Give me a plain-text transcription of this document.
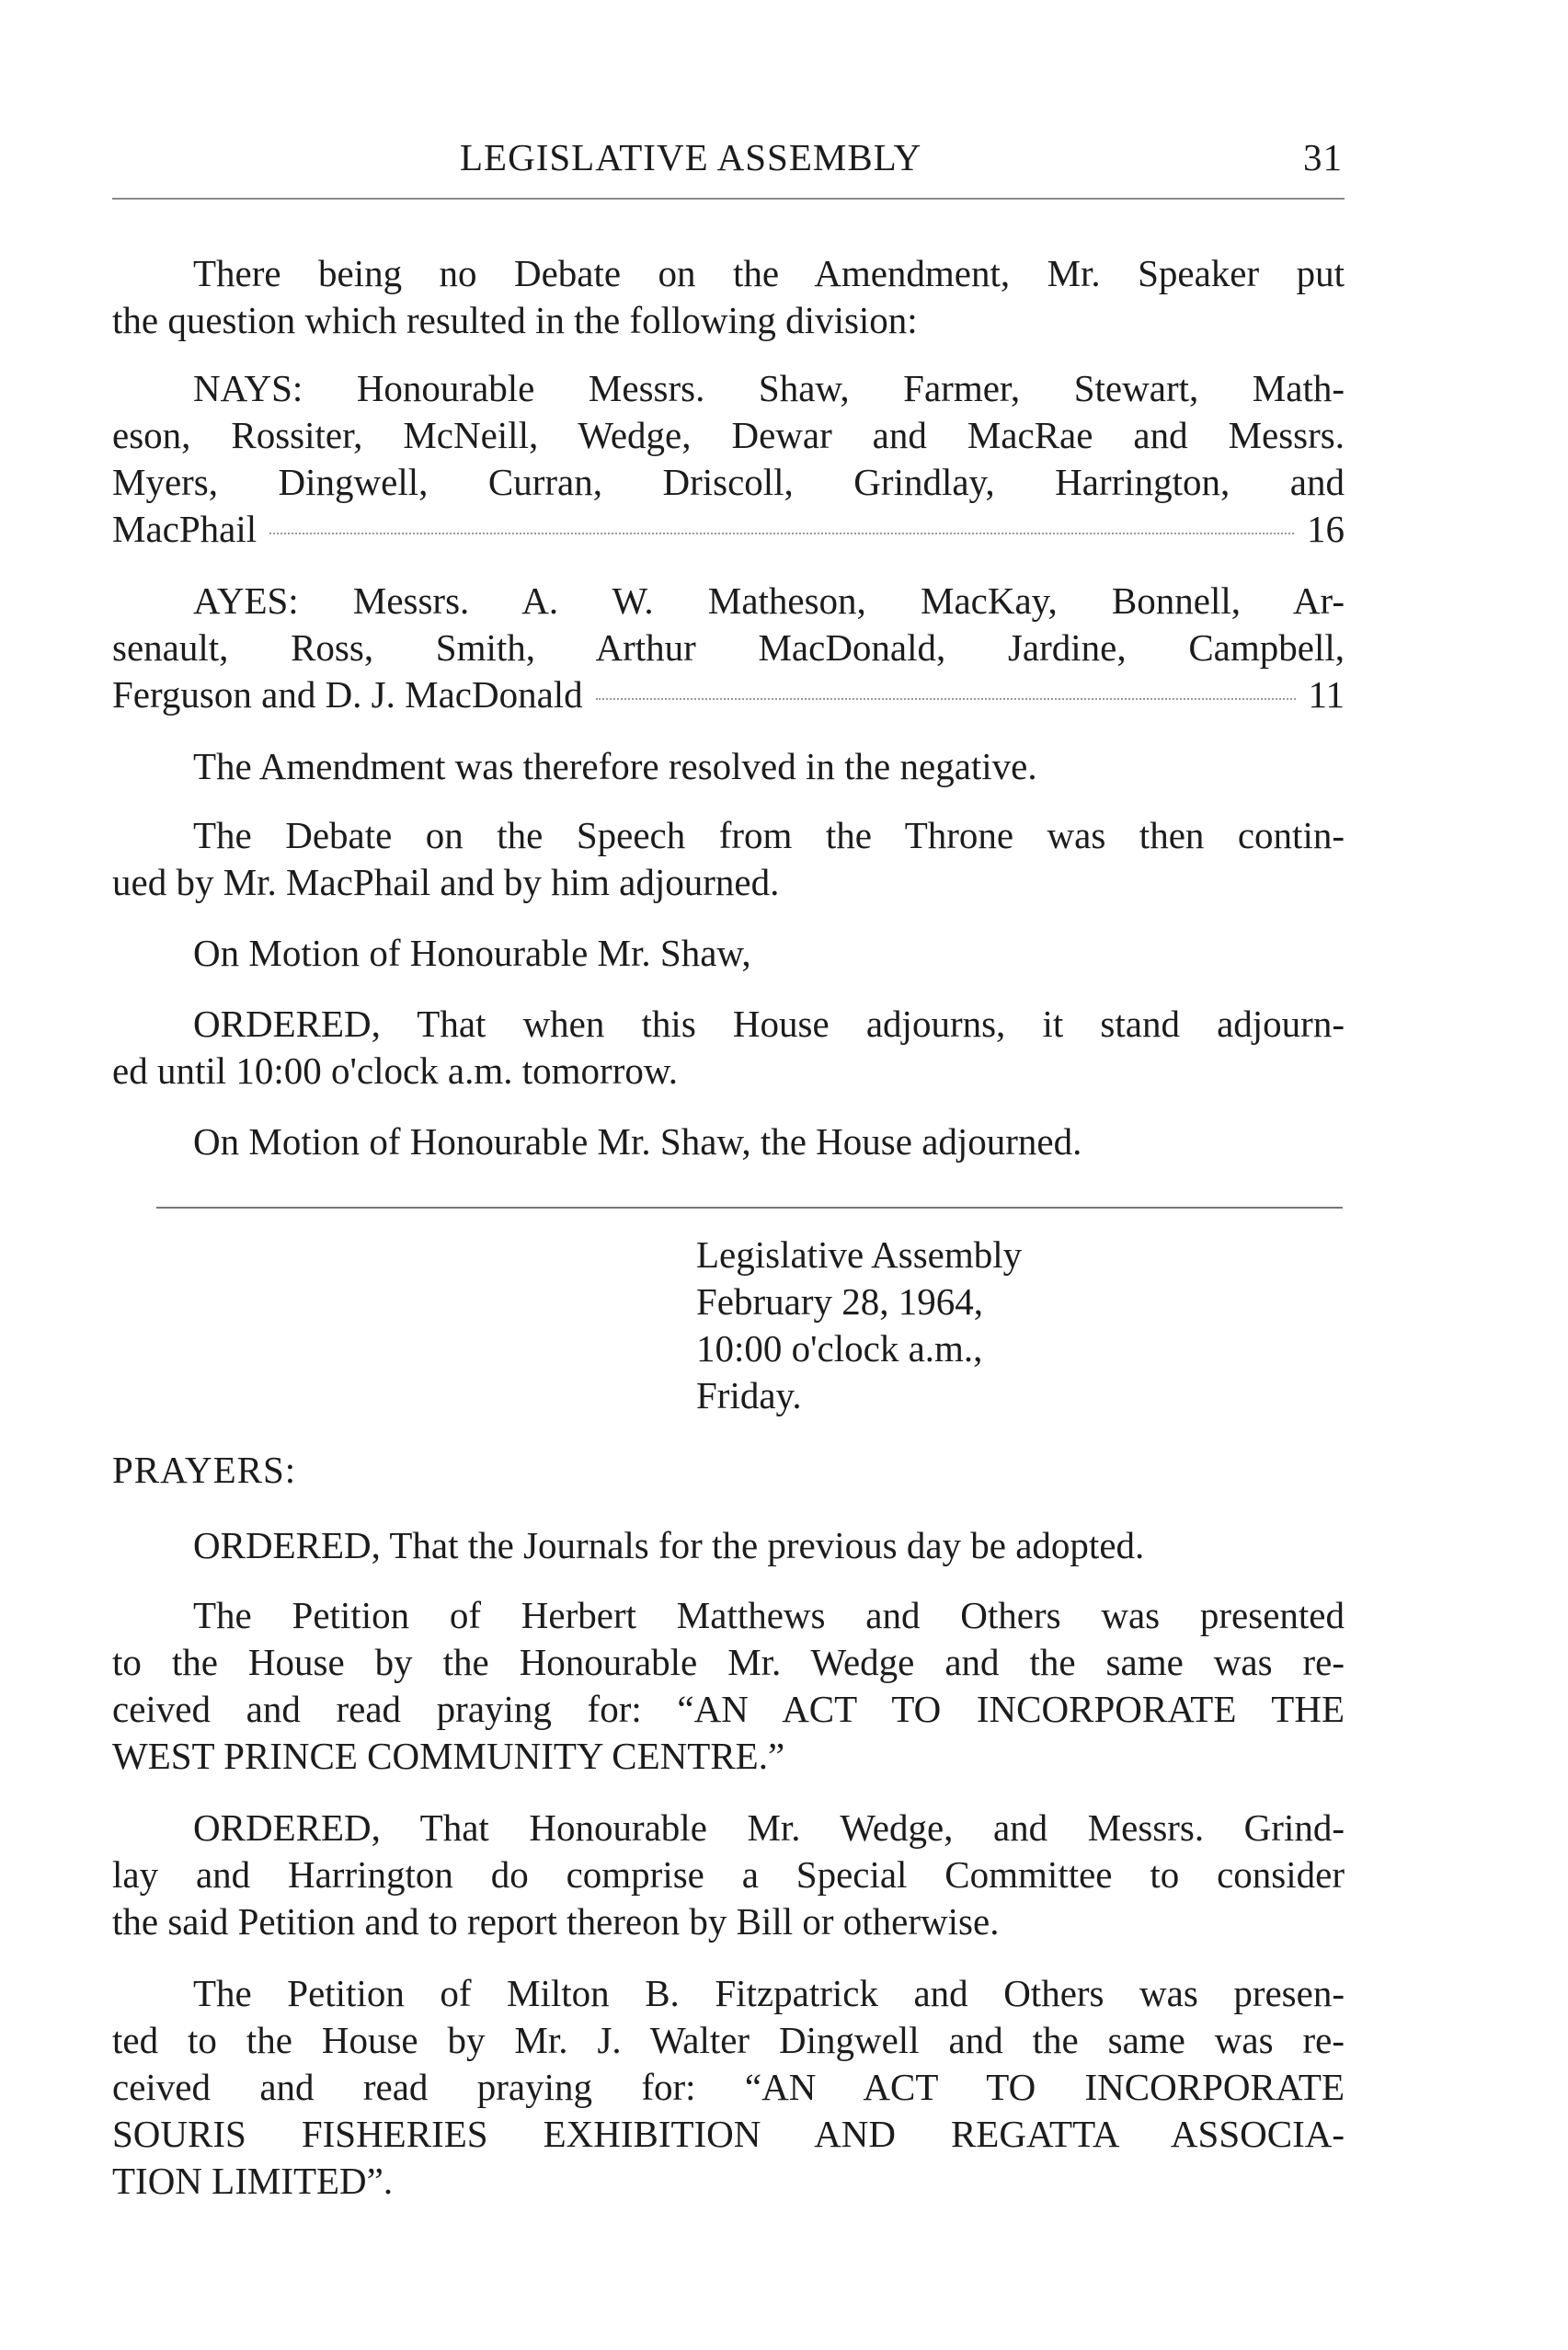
LEGISLATIVE ASSEMBLY	31
There being no Debate on the Amendment, Mr. Speaker put
the question which resulted in the following division:
NAYS: Honourable Messrs. Shaw, Farmer, Stewart, Math-
eson, Rossiter, McNeill, Wedge, Dewar and MacRae and Messrs.
Myers, Dingwell, Curran, Driscoll, Grindlay, Harrington, and
MacPhail	16
AYES: Messrs. A. W. Matheson, MacKay, Bonnell, Ar-
senault, Ross, Smith, Arthur MacDonald, Jardine, Campbell,
Ferguson and D. J. MacDonald	11
The Amendment was therefore resolved in the negative.
The Debate on the Speech from the Throne was then contin-
ued by Mr. MacPhail and by him adjourned.
On Motion of Honourable Mr. Shaw,
ORDERED, That when this House adjourns, it stand adjourn-
ed until 10:00 o'clock a.m. tomorrow.
On Motion of Honourable Mr. Shaw, the House adjourned.
Legislative Assembly
February 28, 1964,
10:00 o'clock a.m.,
Friday.
PRAYERS:
ORDERED, That the Journals for the previous day be adopted.
The Petition of Herbert Matthews and Others was presented
to the House by the Honourable Mr. Wedge and the same was re-
ceived and read praying for: “AN ACT TO INCORPORATE THE
WEST PRINCE COMMUNITY CENTRE.”
ORDERED, That Honourable Mr. Wedge, and Messrs. Grind-
lay and Harrington do comprise a Special Committee to consider
the said Petition and to report thereon by Bill or otherwise.
The Petition of Milton B. Fitzpatrick and Others was presen-
ted to the House by Mr. J. Walter Dingwell and the same was re-
ceived and read praying for: “AN ACT TO INCORPORATE
SOURIS FISHERIES EXHIBITION AND REGATTA ASSOCIA-
TION LIMITED”.
